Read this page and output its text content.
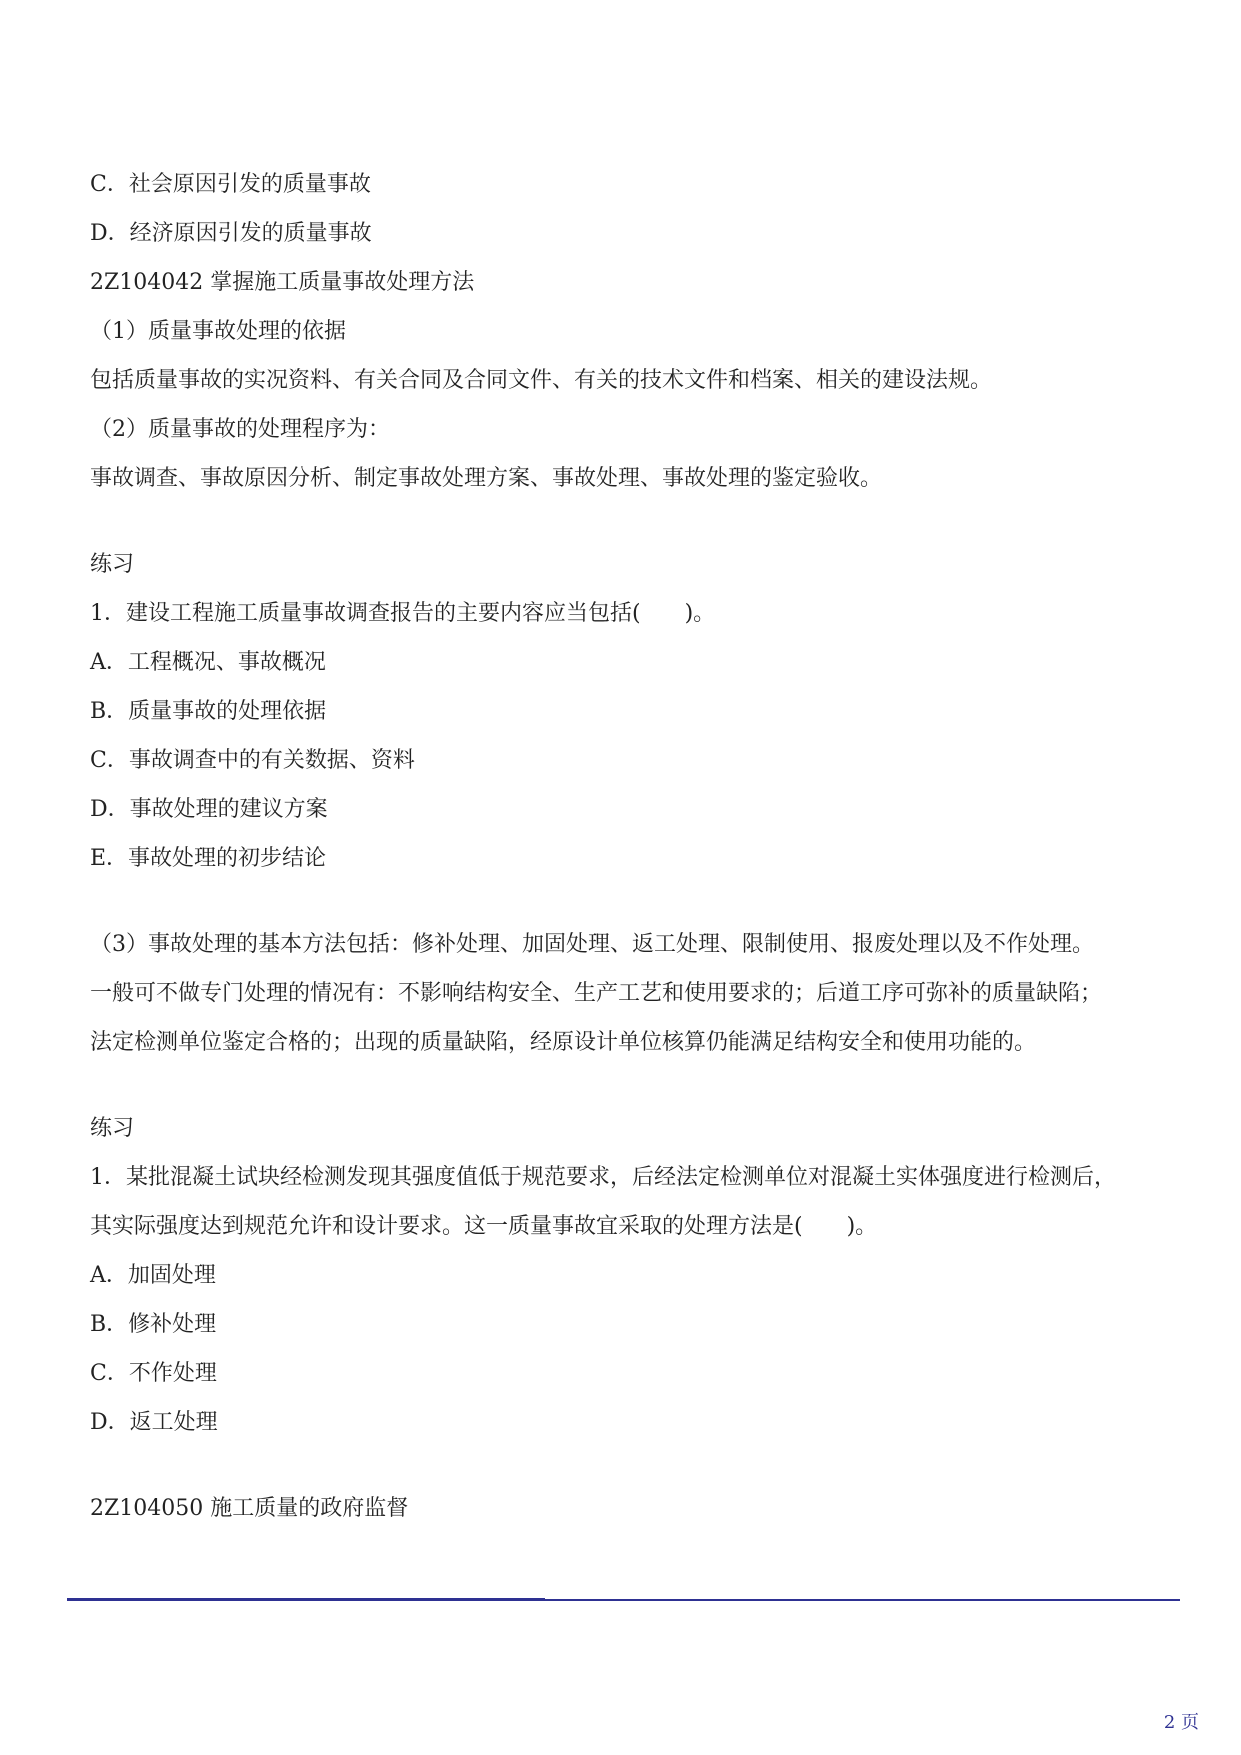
C．社会原因引发的质量事故
D．经济原因引发的质量事故
2Z104042 掌握施工质量事故处理方法
（1）质量事故处理的依据
包括质量事故的实况资料、有关合同及合同文件、有关的技术文件和档案、相关的建设法规。
（2）质量事故的处理程序为：
事故调查、事故原因分析、制定事故处理方案、事故处理、事故处理的鉴定验收。
练习
1．建设工程施工质量事故调查报告的主要内容应当包括(　　)。
A．工程概况、事故概况
B．质量事故的处理依据
C．事故调查中的有关数据、资料
D．事故处理的建议方案
E．事故处理的初步结论
（3）事故处理的基本方法包括：修补处理、加固处理、返工处理、限制使用、报废处理以及不作处理。
一般可不做专门处理的情况有：不影响结构安全、生产工艺和使用要求的；后道工序可弥补的质量缺陷；
法定检测单位鉴定合格的；出现的质量缺陷，经原设计单位核算仍能满足结构安全和使用功能的。
练习
1．某批混凝土试块经检测发现其强度值低于规范要求，后经法定检测单位对混凝土实体强度进行检测后，
其实际强度达到规范允许和设计要求。这一质量事故宜采取的处理方法是(　　)。
A．加固处理
B．修补处理
C．不作处理
D．返工处理
2Z104050 施工质量的政府监督
2 页
